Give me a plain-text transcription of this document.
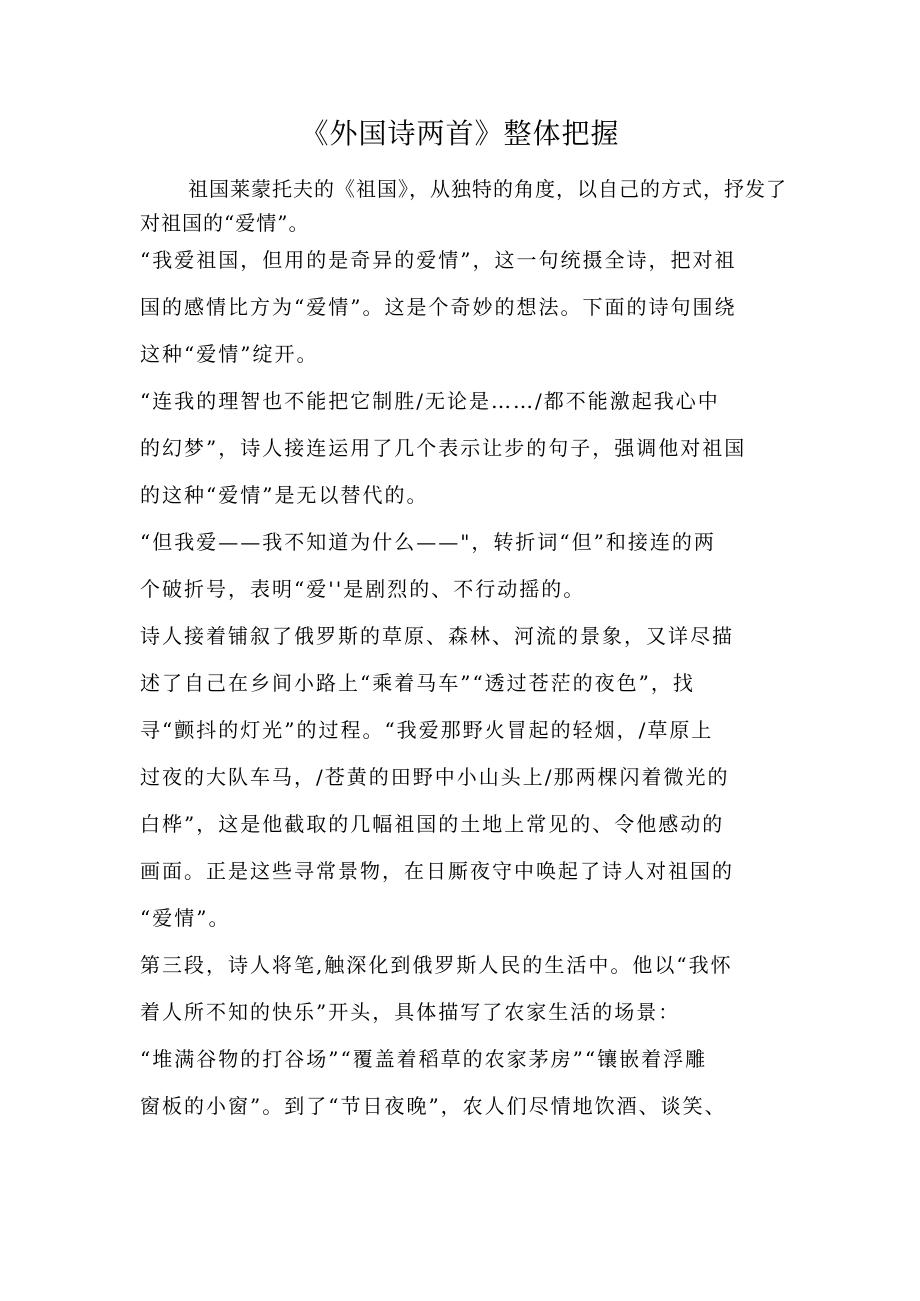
《外国诗两首》整体把握
祖国莱蒙托夫的《祖国》，从独特的角度，以自己的方式，抒发了对祖国的“爱情”。
“我爱祖国，但用的是奇异的爱情”，这一句统摄全诗，把对祖
国的感情比方为“爱情”。这是个奇妙的想法。下面的诗句围绕
这种“爱情”绽开。
“连我的理智也不能把它制胜/无论是……/都不能激起我心中
的幻梦”，诗人接连运用了几个表示让步的句子，强调他对祖国
的这种“爱情”是无以替代的。
“但我爱——我不知道为什么——"，转折词“但”和接连的两
个破折号，表明“爱''是剧烈的、不行动摇的。
诗人接着铺叙了俄罗斯的草原、森林、河流的景象，又详尽描
述了自己在乡间小路上“乘着马车”“透过苍茫的夜色”，找
寻“颤抖的灯光”的过程。“我爱那野火冒起的轻烟，/草原上
过夜的大队车马，/苍黄的田野中小山头上/那两棵闪着微光的
白桦”，这是他截取的几幅祖国的土地上常见的、令他感动的
画面。正是这些寻常景物，在日厮夜守中唤起了诗人对祖国的
“爱情”。
第三段，诗人将笔,触深化到俄罗斯人民的生活中。他以“我怀
着人所不知的快乐”开头，具体描写了农家生活的场景：
“堆满谷物的打谷场”“覆盖着稻草的农家茅房”“镶嵌着浮雕
窗板的小窗”。到了“节日夜晚”，农人们尽情地饮酒、谈笑、
